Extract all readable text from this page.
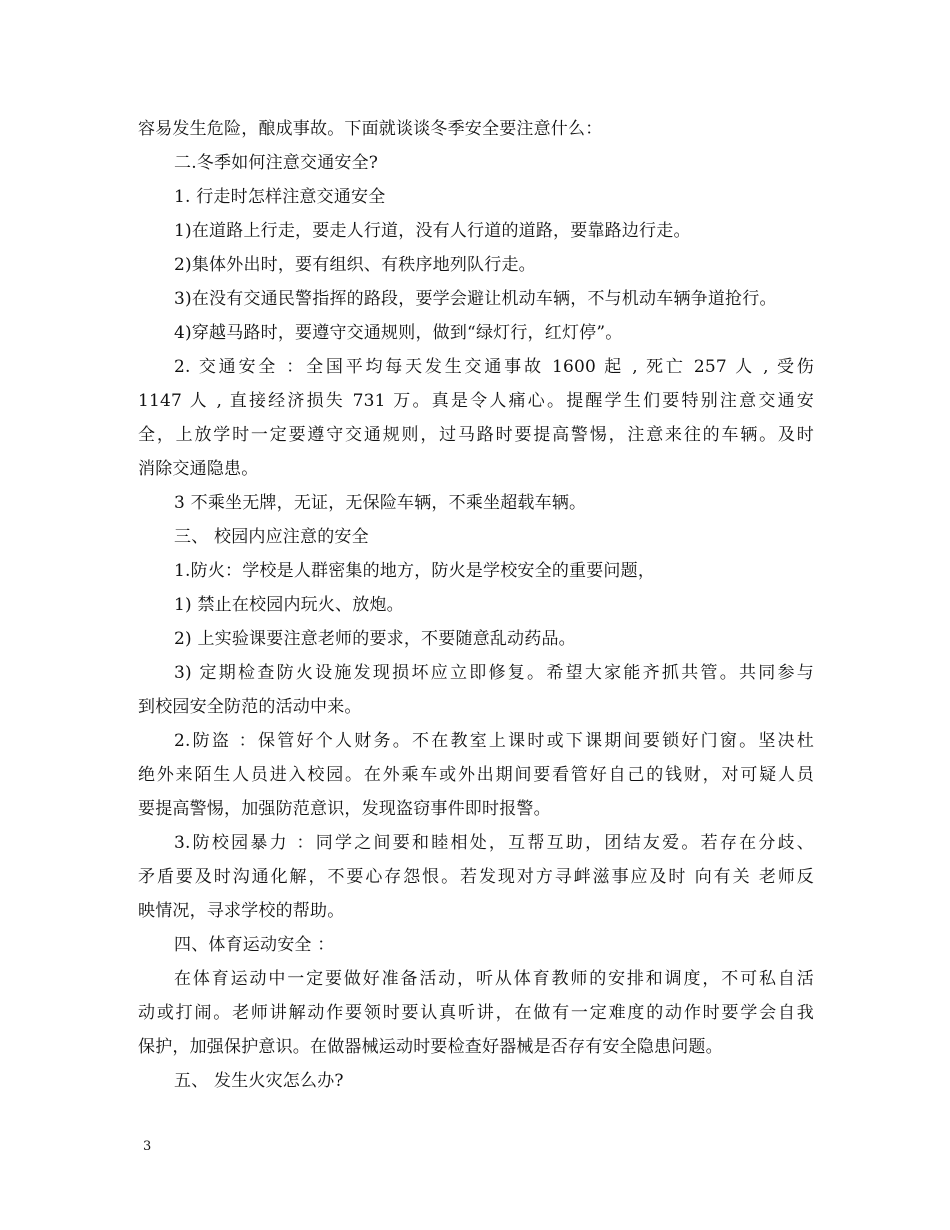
容易发生危险，酿成事故。下面就谈谈冬季安全要注意什么：
二.冬季如何注意交通安全?
1. 行走时怎样注意交通安全
1)在道路上行走，要走人行道，没有人行道的道路，要靠路边行走。
2)集体外出时，要有组织、有秩序地列队行走。
3)在没有交通民警指挥的路段，要学会避让机动车辆，不与机动车辆争道抢行。
4)穿越马路时，要遵守交通规则，做到“绿灯行，红灯停”。
2. 交通安全 ：全国平均每天发生交通事故 1600 起 , 死亡 257 人 , 受伤
1147 人 , 直接经济损失 731 万。真是令人痛心。提醒学生们要特别注意交通安
全，上放学时一定要遵守交通规则，过马路时要提高警惕，注意来往的车辆。及时
消除交通隐患。
3 不乘坐无牌，无证，无保险车辆，不乘坐超载车辆。
三、 校园内应注意的安全
1.防火：学校是人群密集的地方，防火是学校安全的重要问题，
1) 禁止在校园内玩火、放炮。
2) 上实验课要注意老师的要求，不要随意乱动药品。
3) 定期检查防火设施发现损坏应立即修复。希望大家能齐抓共管。共同参与
到校园安全防范的活动中来。
2.防盗 ：保管好个人财务。不在教室上课时或下课期间要锁好门窗。坚决杜
绝外来陌生人员进入校园。在外乘车或外出期间要看管好自己的钱财，对可疑人员
要提高警惕，加强防范意识，发现盗窃事件即时报警。
3.防校园暴力 ：同学之间要和睦相处，互帮互助，团结友爱。若存在分歧、
矛盾要及时沟通化解，不要心存怨恨。若发现对方寻衅滋事应及时 向有关 老师反
映情况，寻求学校的帮助。
四、体育运动安全 ：
在体育运动中一定要做好准备活动，听从体育教师的安排和调度，不可私自活
动或打闹。老师讲解动作要领时要认真听讲，在做有一定难度的动作时要学会自我
保护，加强保护意识。在做器械运动时要检查好器械是否存有安全隐患问题。
五、 发生火灾怎么办?
3
